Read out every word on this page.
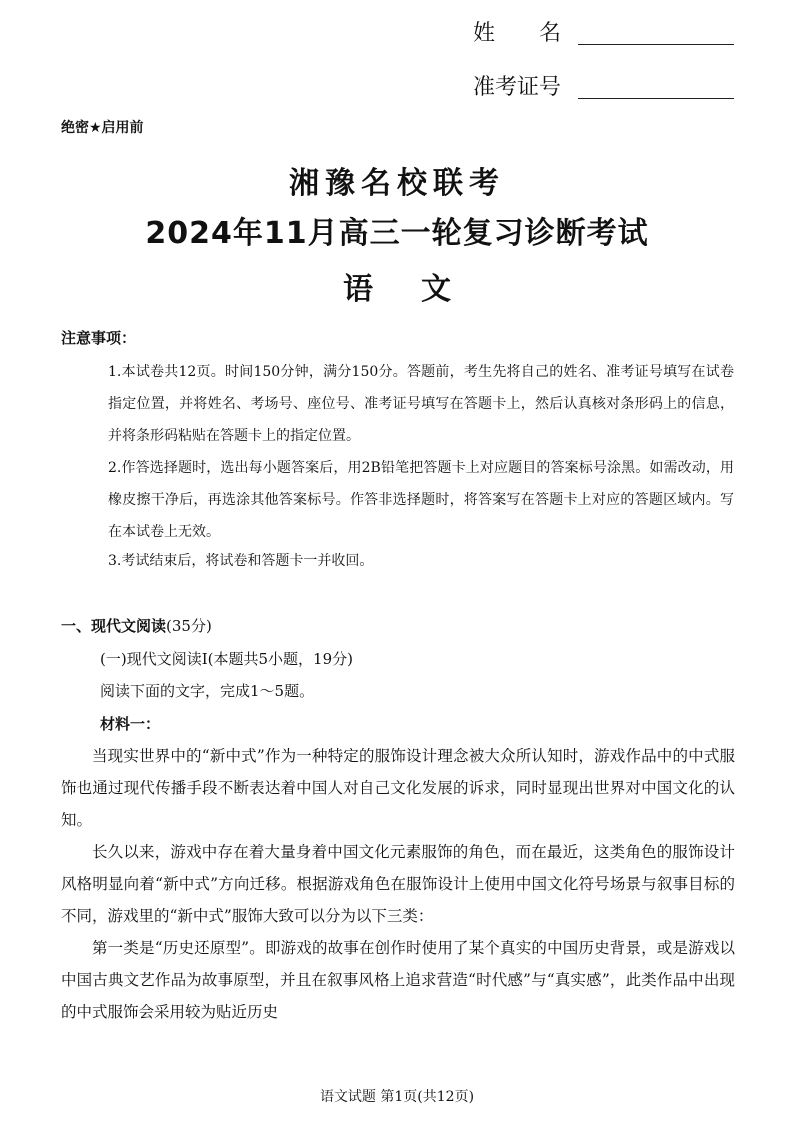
姓　　名
准考证号
绝密★启用前
湘豫名校联考
2024年11月高三一轮复习诊断考试
语文
注意事项：

1.本试卷共12页。时间150分钟，满分150分。答题前，考生先将自己的姓名、准考证号填写在试卷指定位置，并将姓名、考场号、座位号、准考证号填写在答题卡上，然后认真核对条形码上的信息，并将条形码粘贴在答题卡上的指定位置。

2.作答选择题时，选出每小题答案后，用2B铅笔把答题卡上对应题目的答案标号涂黑。如需改动，用橡皮擦干净后，再选涂其他答案标号。作答非选择题时，将答案写在答题卡上对应的答题区域内。写在本试卷上无效。

3.考试结束后，将试卷和答题卡一并收回。

一、现代文阅读(35分)
(一)现代文阅读Ⅰ(本题共5小题，19分)
阅读下面的文字，完成1～5题。
材料一：

当现实世界中的“新中式”作为一种特定的服饰设计理念被大众所认知时，游戏作品中的中式服饰也通过现代传播手段不断表达着中国人对自己文化发展的诉求，同时显现出世界对中国文化的认知。

长久以来，游戏中存在着大量身着中国文化元素服饰的角色，而在最近，这类角色的服饰设计风格明显向着“新中式”方向迁移。根据游戏角色在服饰设计上使用中国文化符号场景与叙事目标的不同，游戏里的“新中式”服饰大致可以分为以下三类：

第一类是“历史还原型”。即游戏的故事在创作时使用了某个真实的中国历史背景，或是游戏以中国古典文艺作品为故事原型，并且在叙事风格上追求营造“时代感”与“真实感”，此类作品中出现的中式服饰会采用较为贴近历史

语文试题 第1页(共12页)
